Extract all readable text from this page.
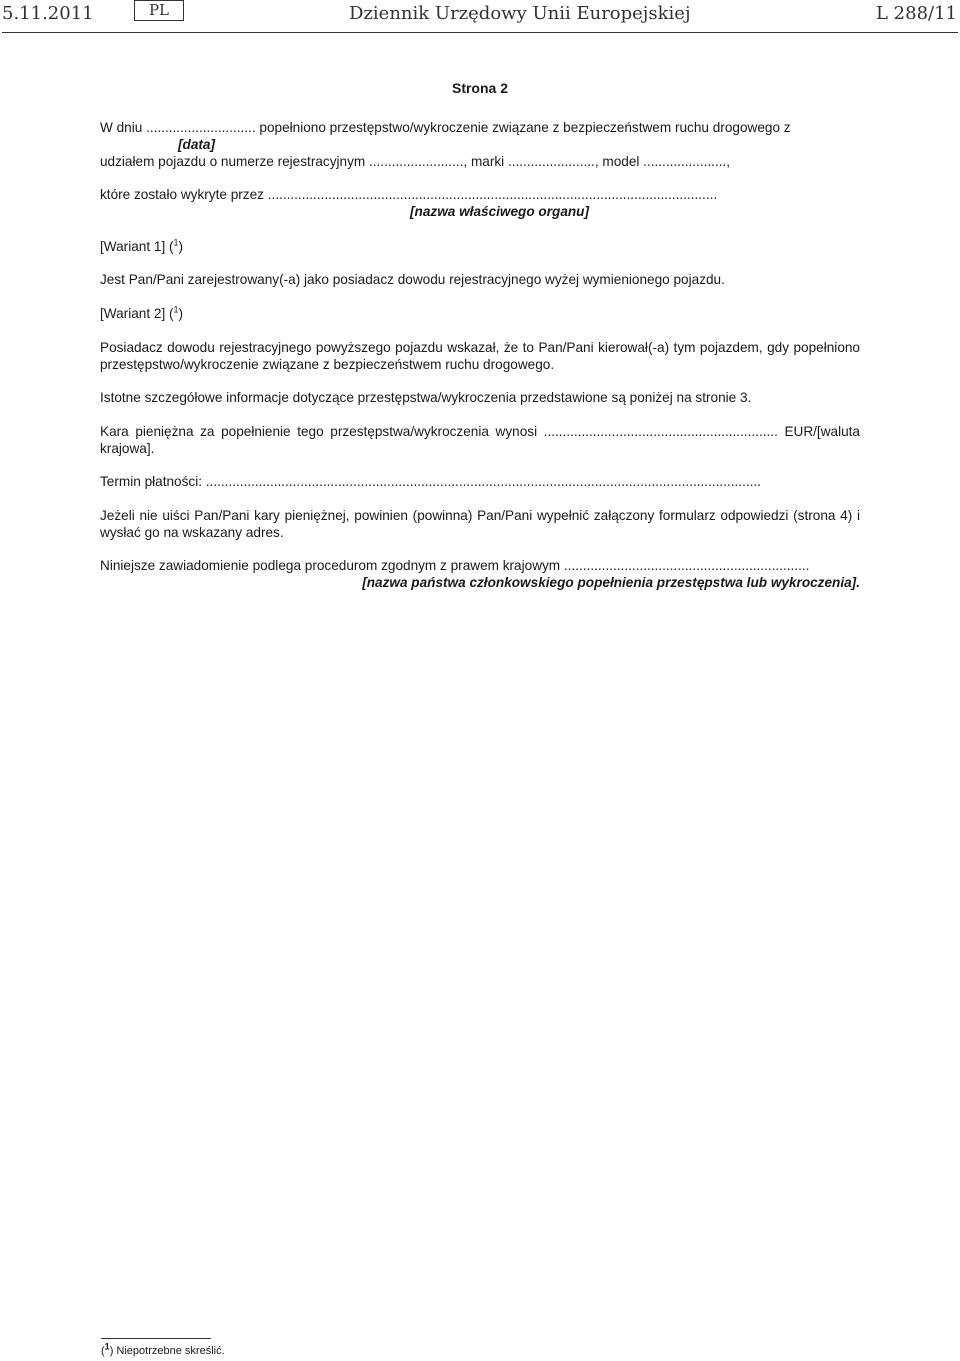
5.11.2011	PL	Dziennik Urzędowy Unii Europejskiej	L 288/11

Strona 2

W dniu ............................. popełniono przestępstwo/wykroczenie związane z bezpieczeństwem ruchu drogowego z

[data]

udziałem pojazdu o numerze rejestracyjnym ........................., marki ......................., model ......................,

które zostało wykryte przez .......................................................................................................................

[nazwa właściwego organu]

[Wariant 1] ($^1$)

Jest Pan/Pani zarejestrowany(-a) jako posiadacz dowodu rejestracyjnego wyżej wymienionego pojazdu.

[Wariant 2] ($^1$)

Posiadacz dowodu rejestracyjnego powyższego pojazdu wskazał, że to Pan/Pani kierował(-a) tym pojazdem, gdy popełniono przestępstwo/wykroczenie związane z bezpieczeństwem ruchu drogowego.

Istotne szczegółowe informacje dotyczące przestępstwa/wykroczenia przedstawione są poniżej na stronie 3.

Kara pieniężna za popełnienie tego przestępstwa/wykroczenia wynosi .............................................................. EUR/[waluta krajowa].

Termin płatności: ...................................................................................................................................................

Jeżeli nie uiści Pan/Pani kary pieniężnej, powinien (powinna) Pan/Pani wypełnić załączony formularz odpowiedzi (strona 4) i wysłać go na wskazany adres.

Niniejsze zawiadomienie podlega procedurom zgodnym z prawem krajowym .................................................................

[nazwa państwa członkowskiego popełnienia przestępstwa lub wykroczenia].

($^1$) Niepotrzebne skreślić.
